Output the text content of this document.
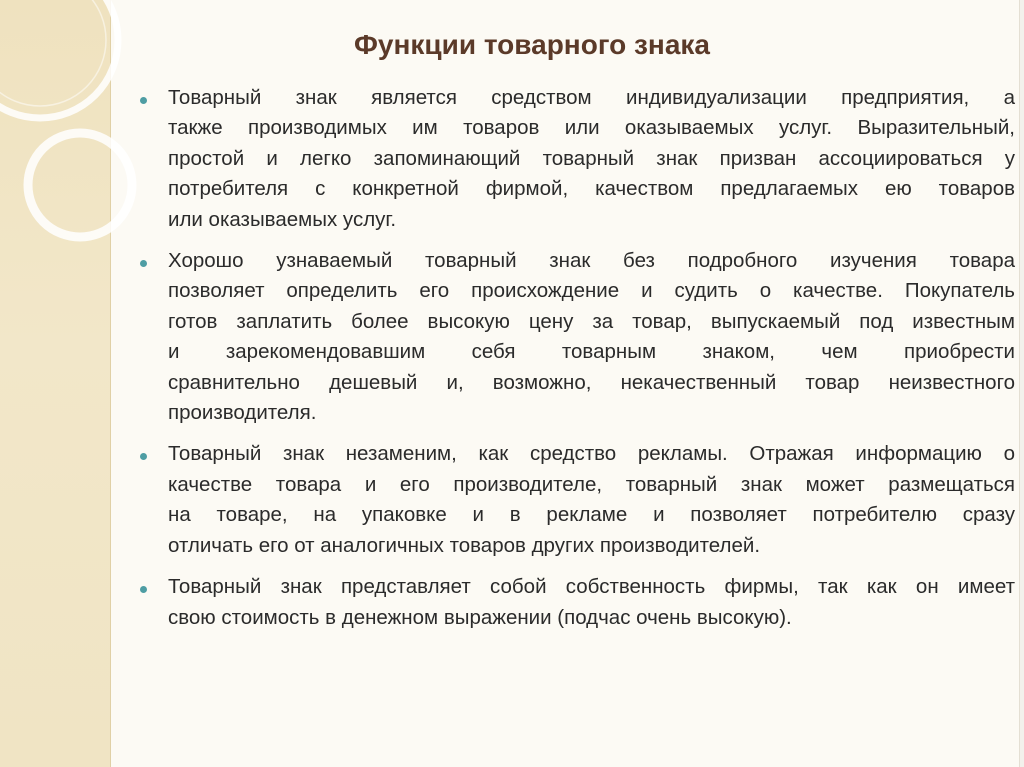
Функции товарного знака
Товарный знак является средством индивидуализации предприятия, а
также производимых им товаров или оказываемых услуг. Выразительный,
простой и легко запоминающий товарный знак призван ассоциироваться у
потребителя с конкретной фирмой, качеством предлагаемых ею товаров
или оказываемых услуг.
Хорошо узнаваемый товарный знак без подробного изучения товара
позволяет определить его происхождение и судить о качестве. Покупатель
готов заплатить более высокую цену за товар, выпускаемый под известным
и зарекомендовавшим себя товарным знаком, чем приобрести
сравнительно дешевый и, возможно, некачественный товар неизвестного
производителя.
Товарный знак незаменим, как средство рекламы. Отражая информацию о
качестве товара и его производителе, товарный знак может размещаться
на товаре, на упаковке и в рекламе и позволяет потребителю сразу
отличать его от аналогичных товаров других производителей.
Товарный знак представляет собой собственность фирмы, так как он имеет
свою стоимость в денежном выражении (подчас очень высокую).
